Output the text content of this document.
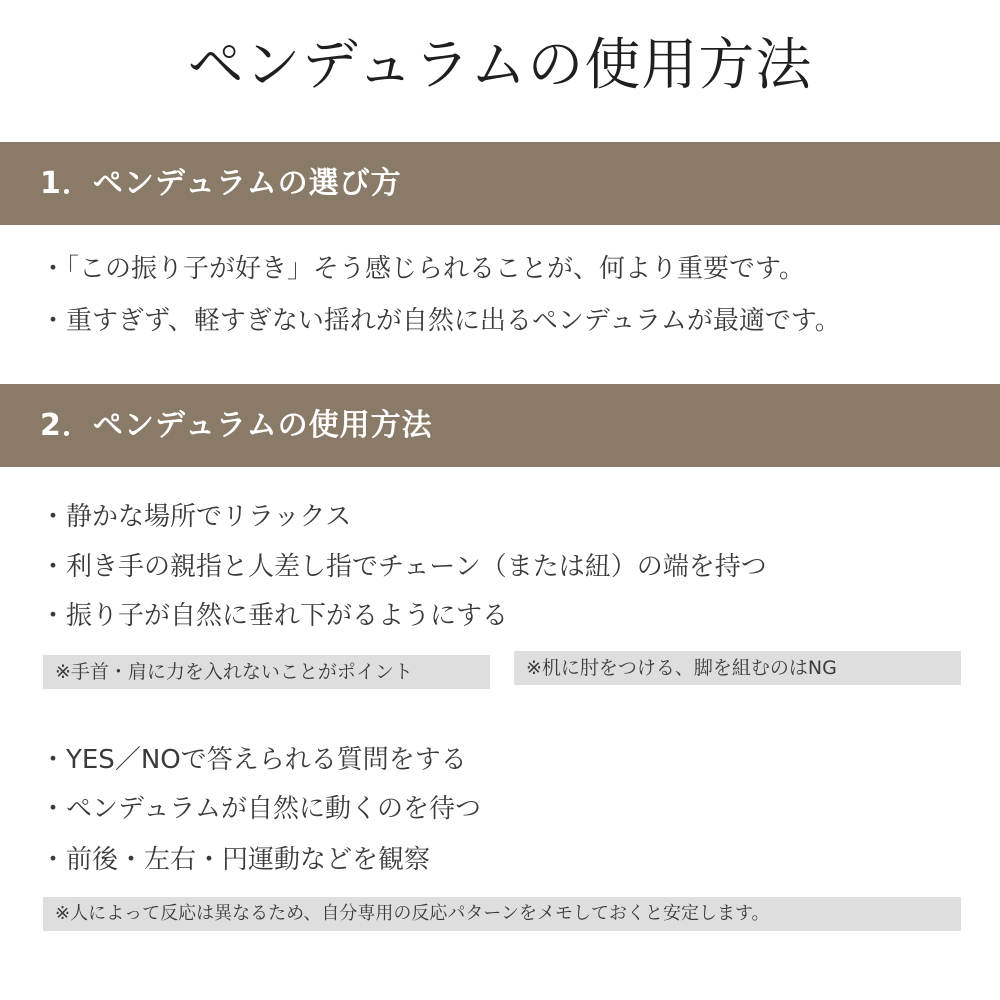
ペンデュラムの使用方法
1．ペンデュラムの選び方
・「この振り子が好き」そう感じられることが、何より重要です。
・重すぎず、軽すぎない揺れが自然に出るペンデュラムが最適です。
2．ペンデュラムの使用方法
・静かな場所でリラックス
・利き手の親指と人差し指でチェーン（または紐）の端を持つ
・振り子が自然に垂れ下がるようにする
※手首・肩に力を入れないことがポイント	※机に肘をつける、脚を組むのはNG
・YES／NOで答えられる質問をする
・ペンデュラムが自然に動くのを待つ
・前後・左右・円運動などを観察
※人によって反応は異なるため、自分専用の反応パターンをメモしておくと安定します。
